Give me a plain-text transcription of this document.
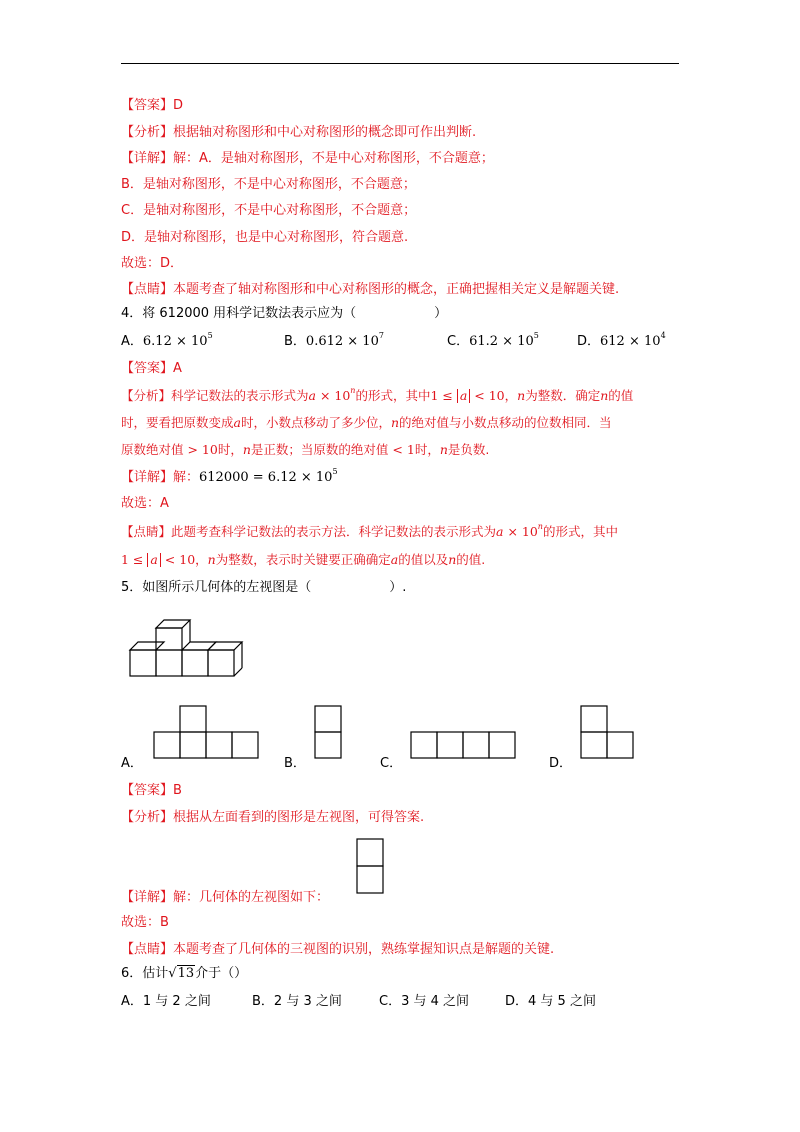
【答案】D
【分析】根据轴对称图形和中心对称图形的概念即可作出判断.
【详解】解：A．是轴对称图形，不是中心对称图形，不合题意；
B．是轴对称图形，不是中心对称图形，不合题意；
C．是轴对称图形，不是中心对称图形，不合题意；
D．是轴对称图形，也是中心对称图形，符合题意.
故选：D．
【点睛】本题考查了轴对称图形和中心对称图形的概念，正确把握相关定义是解题关键.
4．将 612000 用科学记数法表示应为（	）
A．$6.12 \times 10^5$	B．$0.612 \times 10^7$	C．$61.2 \times 10^5$	D．$612 \times 10^4$
【答案】A
【分析】科学记数法的表示形式为$a \times 10^n$的形式，其中1 ≤ a < 10，n为整数．确定n的值
时，要看把原数变成a时，小数点移动了多少位，n的绝对值与小数点移动的位数相同．当
原数绝对值 > 10时，n是正数；当原数的绝对值 < 1时，n是负数.
【详解】解：$612000 = 6.12 \times 10^5$
故选：A
【点睛】此题考查科学记数法的表示方法．科学记数法的表示形式为$a \times 10^n$的形式，其中
1 ≤ a < 10，n为整数，表示时关键要正确确定a的值以及n的值.
5．如图所示几何体的左视图是（	）.
A．	B．	C．	D．
【答案】B
【分析】根据从左面看到的图形是左视图，可得答案.
【详解】解：几何体的左视图如下：
故选：B
【点睛】本题考查了几何体的三视图的识别，熟练掌握知识点是解题的关键.
6．估计√13介于（）
A．1 与 2 之间	B．2 与 3 之间	C．3 与 4 之间	D．4 与 5 之间
